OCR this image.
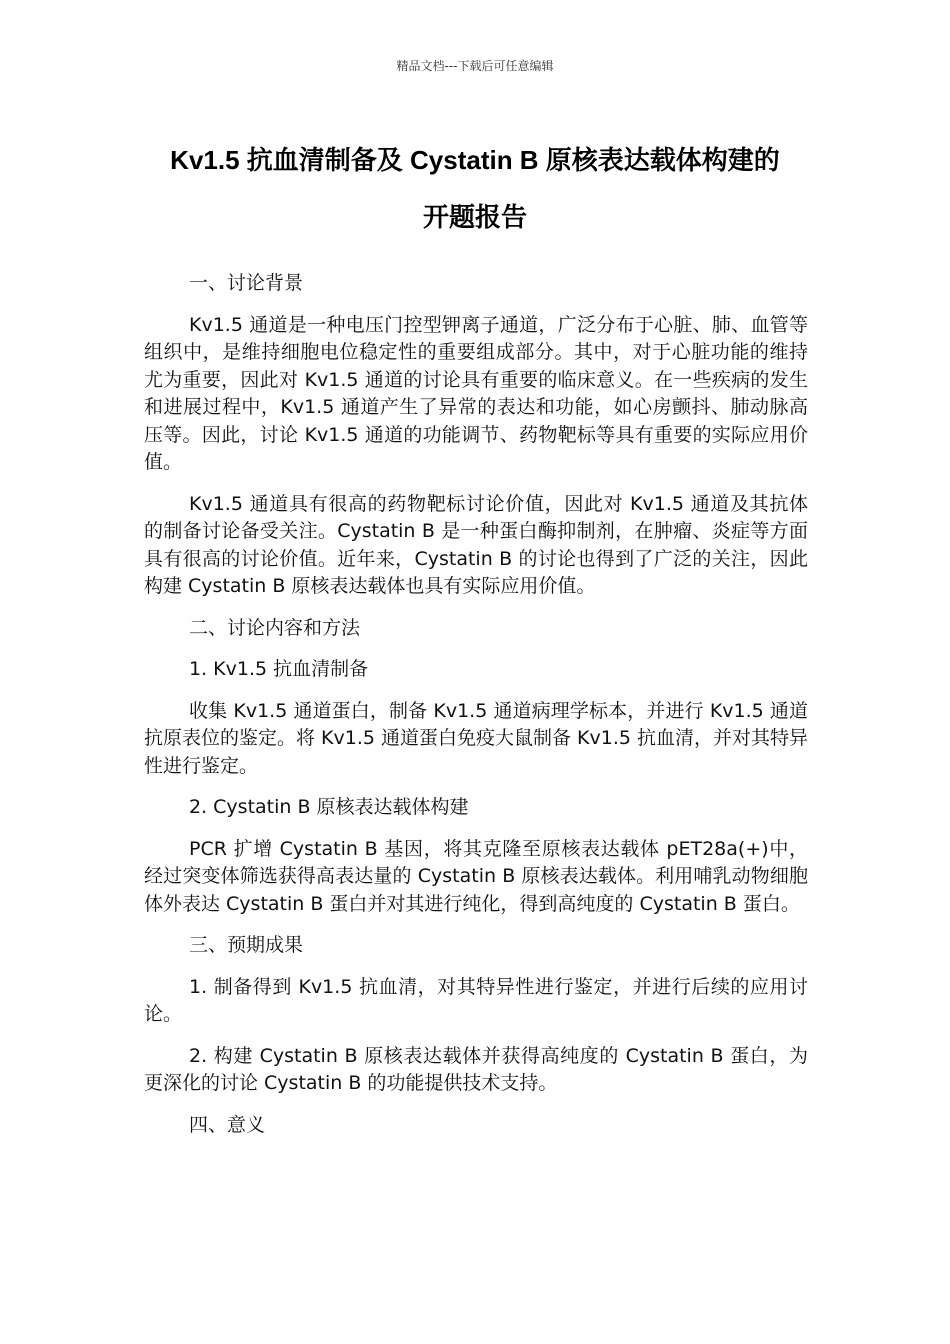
精品文档---下载后可任意编辑
Kv1.5 抗血清制备及 Cystatin B 原核表达载体构建的
开题报告

一、讨论背景

Kv1.5 通道是一种电压门控型钾离子通道，广泛分布于心脏、肺、血管等组织中，是维持细胞电位稳定性的重要组成部分。其中，对于心脏功能的维持尤为重要，因此对 Kv1.5 通道的讨论具有重要的临床意义。在一些疾病的发生和进展过程中，Kv1.5 通道产生了异常的表达和功能，如心房颤抖、肺动脉高压等。因此，讨论 Kv1.5 通道的功能调节、药物靶标等具有重要的实际应用价值。

Kv1.5 通道具有很高的药物靶标讨论价值，因此对 Kv1.5 通道及其抗体的制备讨论备受关注。Cystatin B 是一种蛋白酶抑制剂，在肿瘤、炎症等方面具有很高的讨论价值。近年来，Cystatin B 的讨论也得到了广泛的关注，因此构建 Cystatin B 原核表达载体也具有实际应用价值。

二、讨论内容和方法

1. Kv1.5 抗血清制备

收集 Kv1.5 通道蛋白，制备 Kv1.5 通道病理学标本，并进行 Kv1.5 通道抗原表位的鉴定。将 Kv1.5 通道蛋白免疫大鼠制备 Kv1.5 抗血清，并对其特异性进行鉴定。

2. Cystatin B 原核表达载体构建

PCR 扩增 Cystatin B 基因，将其克隆至原核表达载体 pET28a(+)中，经过突变体筛选获得高表达量的 Cystatin B 原核表达载体。利用哺乳动物细胞体外表达 Cystatin B 蛋白并对其进行纯化，得到高纯度的 Cystatin B 蛋白。

三、预期成果

1. 制备得到 Kv1.5 抗血清，对其特异性进行鉴定，并进行后续的应用讨论。

2. 构建 Cystatin B 原核表达载体并获得高纯度的 Cystatin B 蛋白，为更深化的讨论 Cystatin B 的功能提供技术支持。

四、意义
